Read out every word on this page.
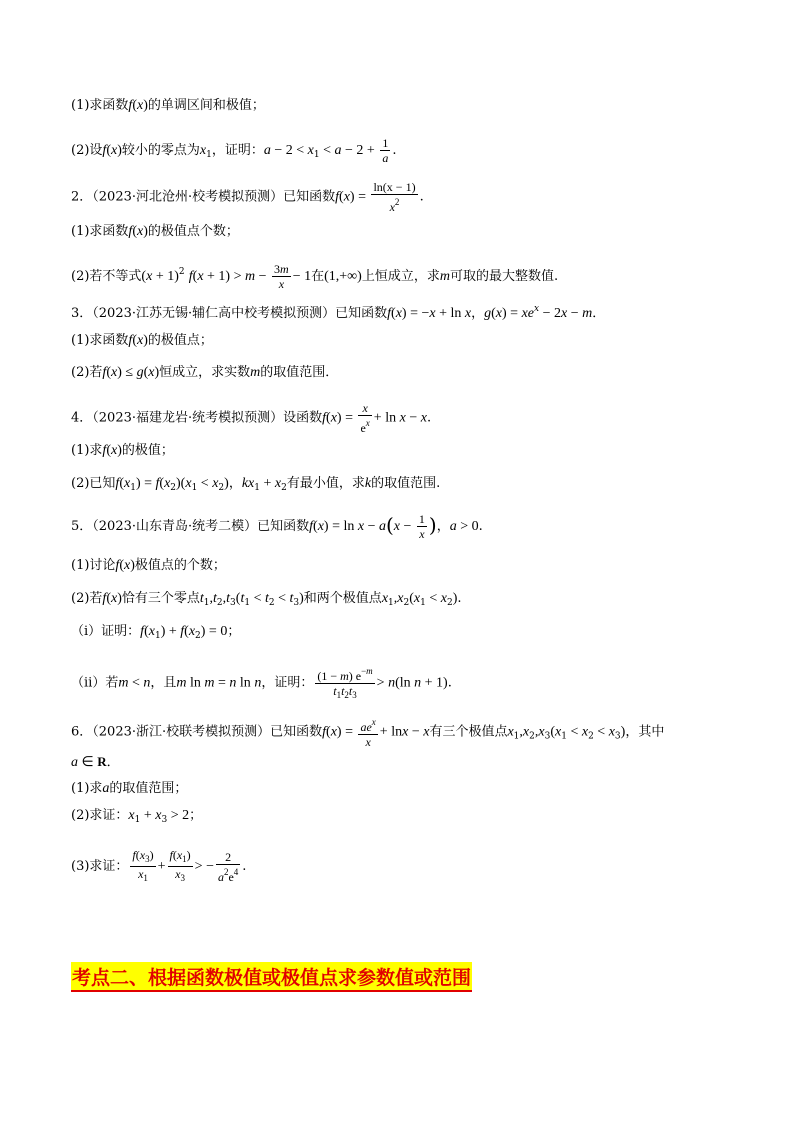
(1)求函数f(x)的单调区间和极值；
(2)设f(x)较小的零点为$x_1$，证明：$a - 2 < x_1 < a - 2 + \frac{1}{a}$ .
2．（2023·河北沧州·校考模拟预测）已知函数$f(x) = \frac{\ln(x - 1)}{x^2}$ .
(1)求函数f(x)的极值点个数；
(2)若不等式$(x + 1)^2$ $f(x + 1) > m - \frac{3m}{x} - 1$在(1,+∞)上恒成立，求m可取的最大整数值.
3．（2023·江苏无锡·辅仁高中校考模拟预测）已知函数f(x) = −x + ln x，$g(x) = xe^x - 2x - m$．
(1)求函数f(x)的极值点；
(2)若f(x) ≤ g(x)恒成立，求实数m的取值范围．
4．（2023·福建龙岩·统考模拟预测）设函数$f(x) = \frac{x}{e^x} + \ln x - x$.
(1)求f(x)的极值；
(2)已知$f(x_1) = f(x_2)(x_1 < x_2)$，$kx_1 + x_2$有最小值，求k的取值范围.
5．（2023·山东青岛·统考二模）已知函数$f(x) = \ln x - a(x - \frac{1}{x}$ )，a > 0.
(1)讨论f(x)极值点的个数；
(2)若f(x)恰有三个零点$t_1,t_2,t_3(t_1 < t_2 < t_3)$和两个极值点$x_1,x_2(x_1 < x_2)$.
（ⅰ）证明：$f(x_1) + f(x_2) = 0$；
（ⅱ）若m < n，且m ln m = n ln n，证明： $\frac{(1 - m) e^{-m}}{t_1t_2t_3} > n(\ln$ n + 1).
6．（2023·浙江·校联考模拟预测）已知函数$f(x) = \frac{ae^x}{x} + \ln x - x$有三个极值点$x_1,x_2,x_3(x_1 < x_2 < x_3)$，其中
a ∈ R．
(1)求a的取值范围；
(2)求证：$x_1 + x_3 > 2$；
(3)求证： $\frac{f(x_3)}{x_1} + \frac{f(x_1)}{x_3}$ > − $\frac{2}{a^2e^4}$ .
考点二、根据函数极值或极值点求参数值或范围
